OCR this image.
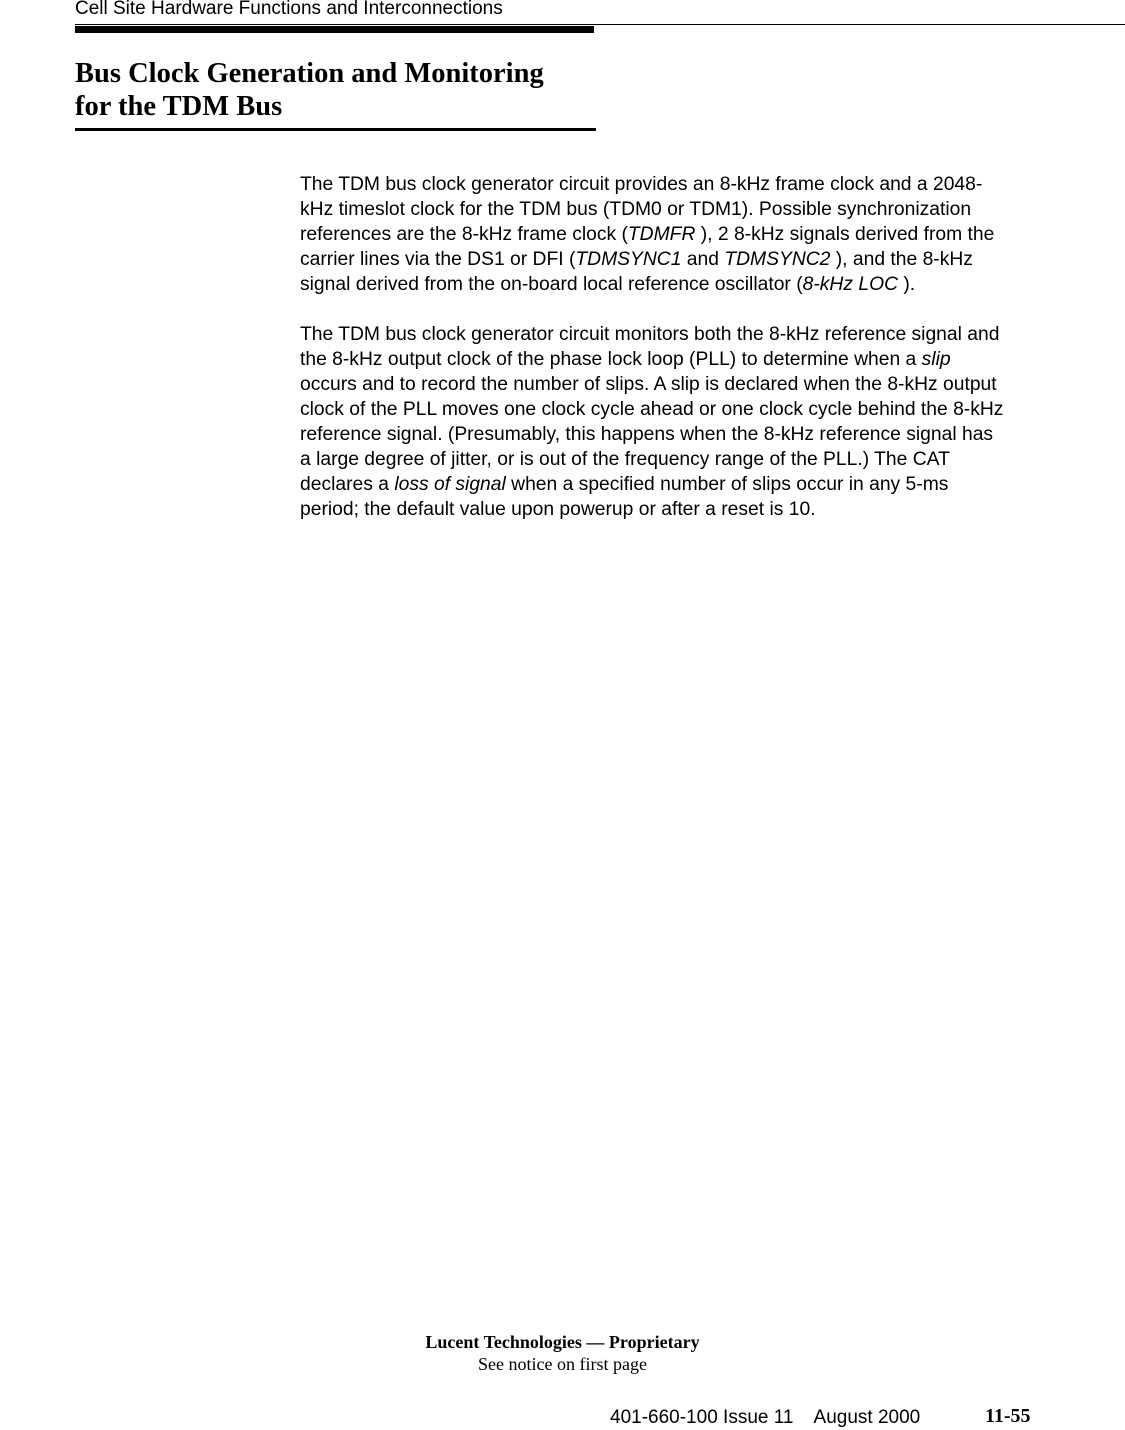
Cell Site Hardware Functions and Interconnections
Bus Clock Generation and Monitoring
for the TDM Bus

The TDM bus clock generator circuit provides an 8-kHz frame clock and a 2048-
kHz timeslot clock for the TDM bus (TDM0 or TDM1). Possible synchronization
references are the 8-kHz frame clock (TDMFR ), 2 8-kHz signals derived from the
carrier lines via the DS1 or DFI (TDMSYNC1 and TDMSYNC2 ), and the 8-kHz
signal derived from the on-board local reference oscillator (8-kHz LOC ).

The TDM bus clock generator circuit monitors both the 8-kHz reference signal and
the 8-kHz output clock of the phase lock loop (PLL) to determine when a slip
occurs and to record the number of slips. A slip is declared when the 8-kHz output
clock of the PLL moves one clock cycle ahead or one clock cycle behind the 8-kHz
reference signal. (Presumably, this happens when the 8-kHz reference signal has
a large degree of jitter, or is out of the frequency range of the PLL.) The CAT
declares a loss of signal when a specified number of slips occur in any 5-ms
period; the default value upon powerup or after a reset is 10.

Lucent Technologies — Proprietary
See notice on first page
401-660-100 Issue 11    August 2000	11-55
